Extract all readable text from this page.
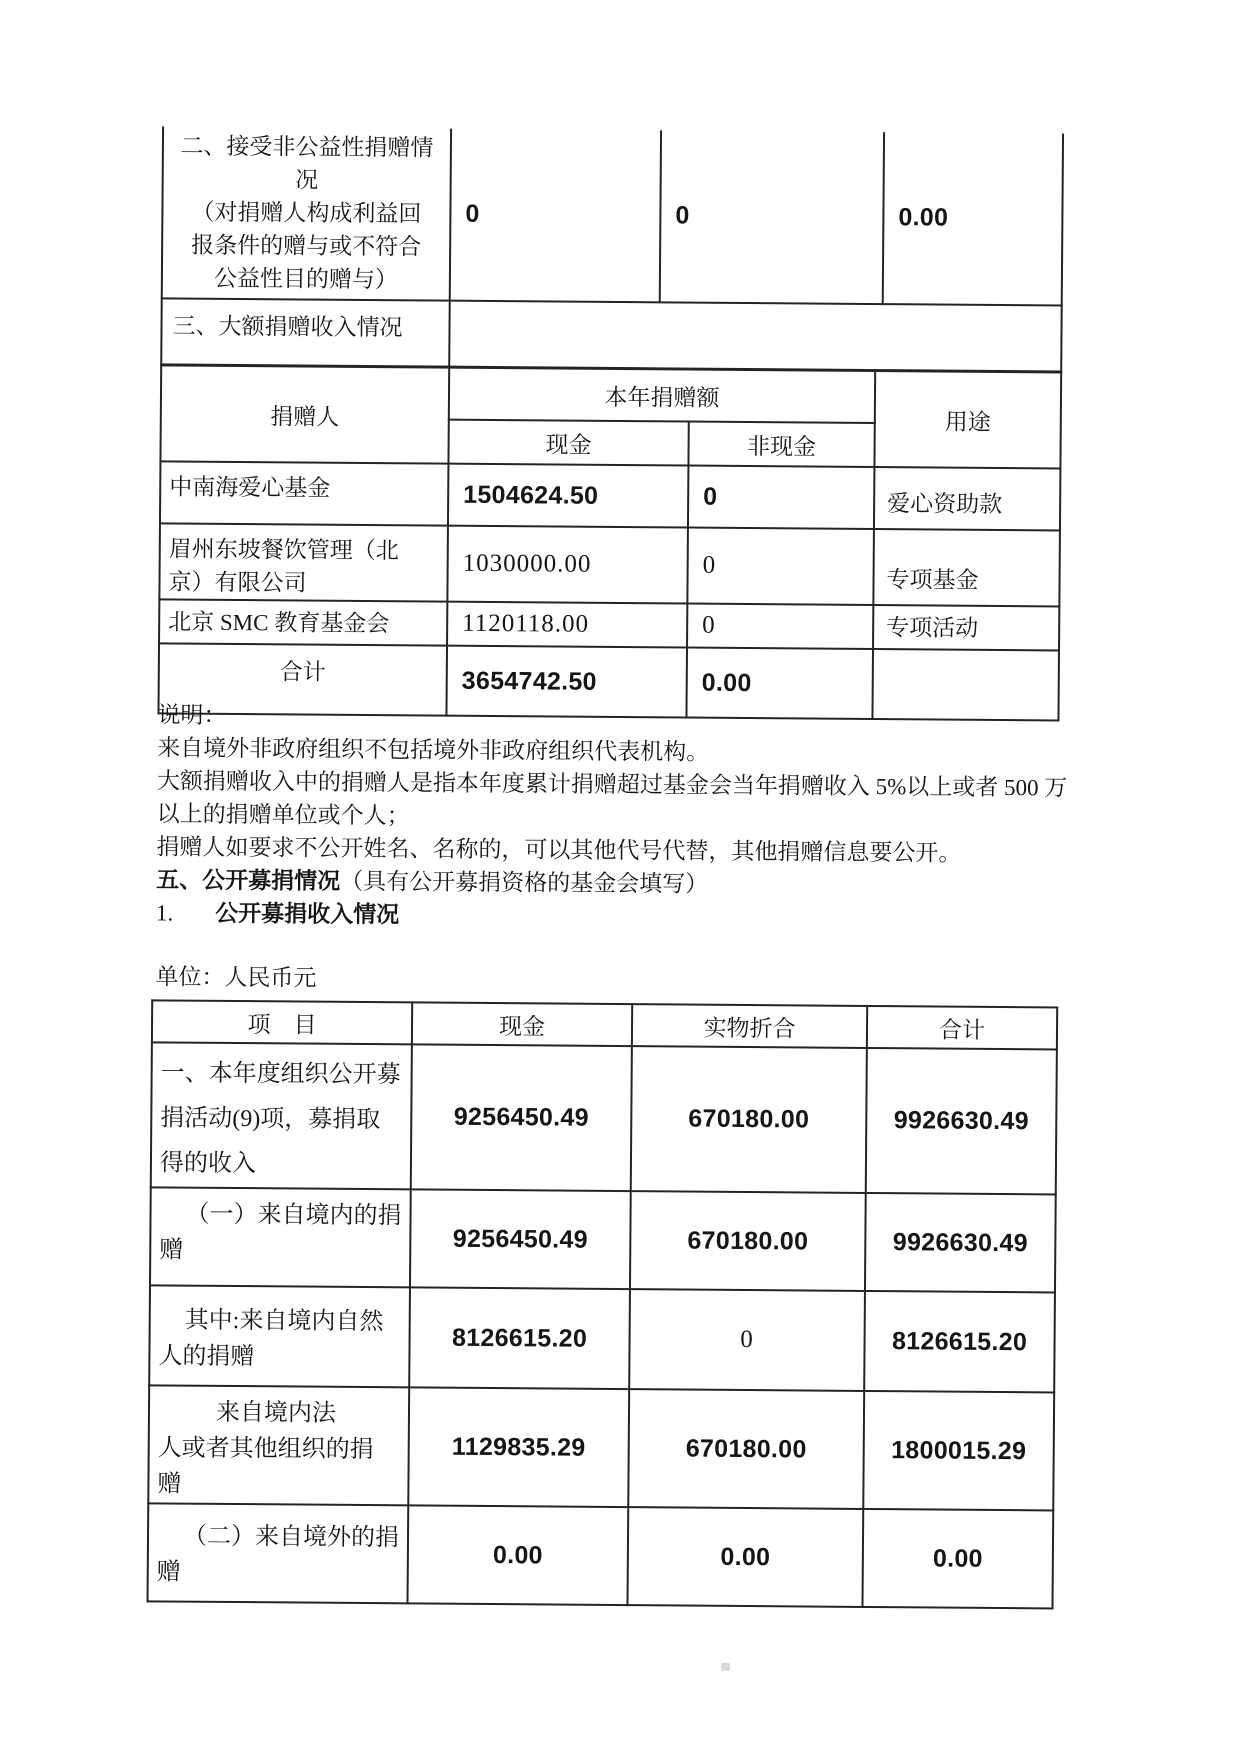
二、接受非公益性捐赠情
况
（对捐赠人构成利益回
报条件的赠与或不符合
公益性目的赠与）	0	0	0.00
三、大额捐赠收入情况			
捐赠人	本年捐赠额		用途
	现金	非现金	

中南海爱心基金	1504624.50	0	爱心资助款

眉州东坡餐饮管理（北
京）有限公司	1030000.00	0	专项基金

北京 SMC 教育基金会	1120118.00	0	专项活动
合计	3654742.50	0.00	
说明：
来自境外非政府组织不包括境外非政府组织代表机构。
大额捐赠收入中的捐赠人是指本年度累计捐赠超过基金会当年捐赠收入 5%以上或者 500 万
以上的捐赠单位或个人；
捐赠人如要求不公开姓名、名称的，可以其他代号代替，其他捐赠信息要公开。
五、公开募捐情况（具有公开募捐资格的基金会填写）
1. 公开募捐收入情况
单位：人民币元
项　目	现金	实物折合	合计

一、本年度组织公开募
捐活动(9)项，募捐取
得的收入	9256450.49	670180.00	9926630.49

（一）来自境内的捐
赠	9256450.49	670180.00	9926630.49

其中:来自境内自然
人的捐赠	8126615.20	0	8126615.20

来自境内法
人或者其他组织的捐
赠	1129835.29	670180.00	1800015.29

（二）来自境外的捐
赠	0.00	0.00	0.00
